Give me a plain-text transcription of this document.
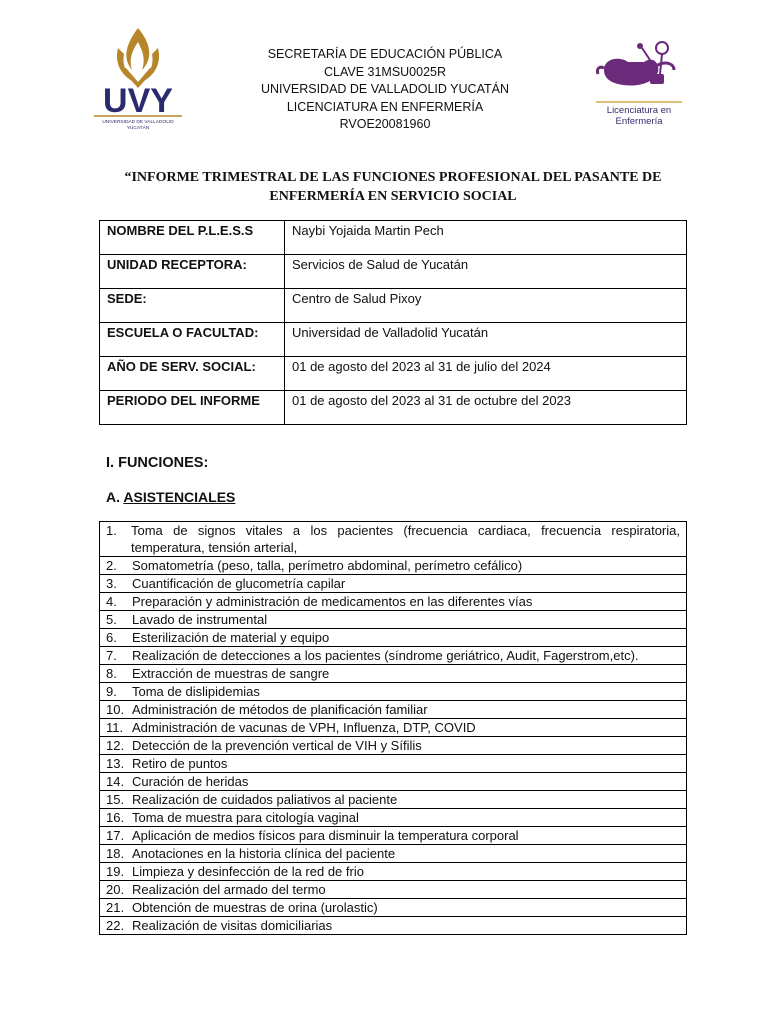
UVY
UNIVERSIDAD DE VALLADOLID
YUCATÁN
SECRETARÍA DE EDUCACIÓN PÚBLICA
CLAVE 31MSU0025R
UNIVERSIDAD DE VALLADOLID YUCATÁN
LICENCIATURA EN ENFERMERÍA
RVOE20081960
Licenciatura en
Enfermería
“INFORME TRIMESTRAL DE LAS FUNCIONES PROFESIONAL DEL PASANTE DE ENFERMERÍA EN SERVICIO SOCIAL
NOMBRE DEL P.L.E.S.S	Naybi Yojaida Martin Pech
UNIDAD RECEPTORA:	Servicios de Salud de Yucatán
SEDE:	Centro de Salud Pixoy
ESCUELA O FACULTAD:	Universidad de Valladolid Yucatán
AÑO DE SERV. SOCIAL:	01 de agosto del 2023 al 31 de julio del 2024
PERIODO DEL INFORME	01 de agosto del 2023 al 31 de octubre del 2023
I. FUNCIONES:
A. ASISTENCIALES
1. Toma de signos vitales a los pacientes (frecuencia cardiaca, frecuencia respiratoria, temperatura, tensión arterial,
2. Somatometría (peso, talla, perímetro abdominal, perímetro cefálico)
3. Cuantificación de glucometría capilar
4. Preparación y administración de medicamentos en las diferentes vías
5. Lavado de instrumental
6. Esterilización de material y equipo
7. Realización de detecciones a los pacientes (síndrome geriátrico, Audit, Fagerstrom,etc).
8. Extracción de muestras de sangre
9. Toma de dislipidemias
10. Administración de métodos de planificación familiar
11. Administración de vacunas de VPH, Influenza, DTP, COVID
12. Detección de la prevención vertical de VIH y Sífilis
13. Retiro de puntos
14. Curación de heridas
15. Realización de cuidados paliativos al paciente
16. Toma de muestra para citología vaginal
17. Aplicación de medios físicos para disminuir la temperatura corporal
18. Anotaciones en la historia clínica del paciente
19. Limpieza y desinfección de la red de frio
20. Realización del armado del termo
21. Obtención de muestras de orina (urolastic)
22. Realización de visitas domiciliarias
